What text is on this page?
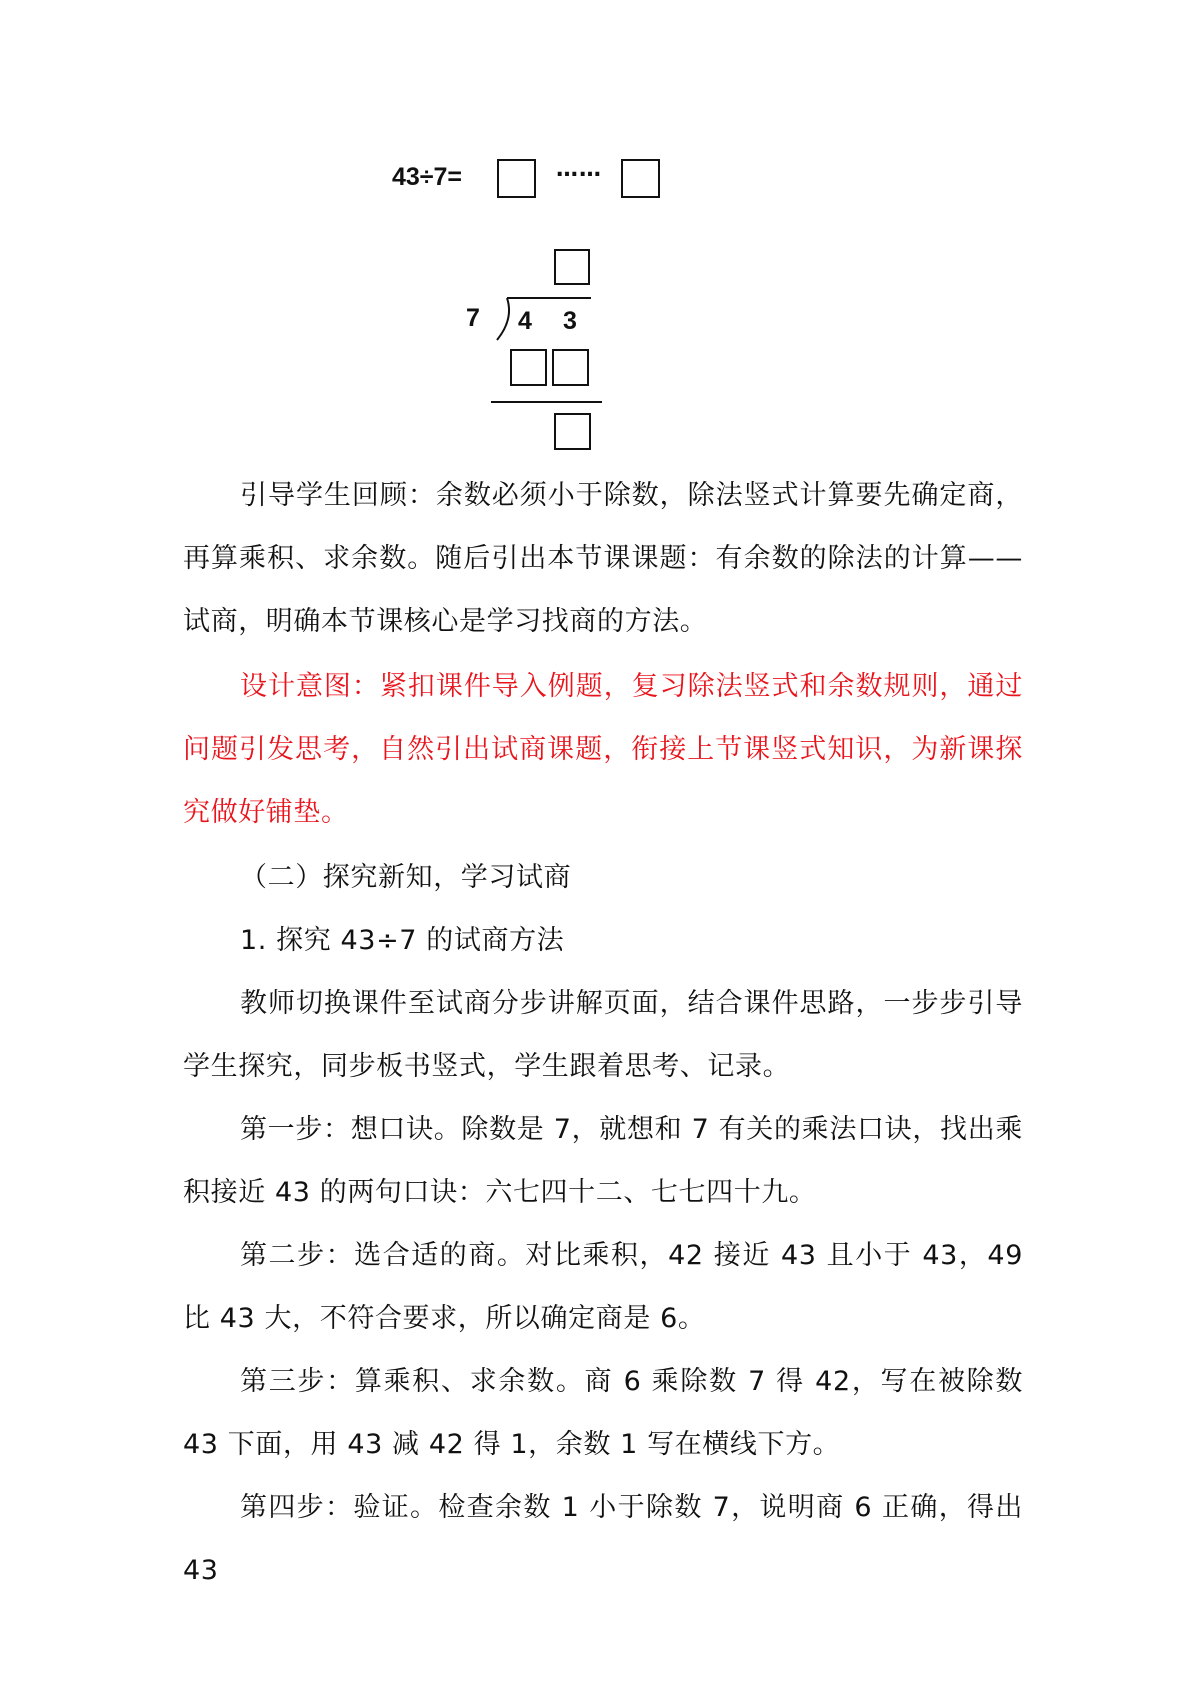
43÷7=	……
7 4 3

引导学生回顾：余数必须小于除数，除法竖式计算要先确定商，再算乘积、求余数。随后引出本节课课题：有余数的除法的计算——试商，明确本节课核心是学习找商的方法。

设计意图：紧扣课件导入例题，复习除法竖式和余数规则，通过问题引发思考，自然引出试商课题，衔接上节课竖式知识，为新课探究做好铺垫。

（二）探究新知，学习试商

1. 探究 43÷7 的试商方法

教师切换课件至试商分步讲解页面，结合课件思路，一步步引导学生探究，同步板书竖式，学生跟着思考、记录。

第一步：想口诀。除数是 7，就想和 7 有关的乘法口诀，找出乘积接近 43 的两句口诀：六七四十二、七七四十九。

第二步：选合适的商。对比乘积，42 接近 43 且小于 43，49 比 43 大，不符合要求，所以确定商是 6。

第三步：算乘积、求余数。商 6 乘除数 7 得 42，写在被除数 43 下面，用 43 减 42 得 1，余数 1 写在横线下方。

第四步：验证。检查余数 1 小于除数 7，说明商 6 正确，得出 43
